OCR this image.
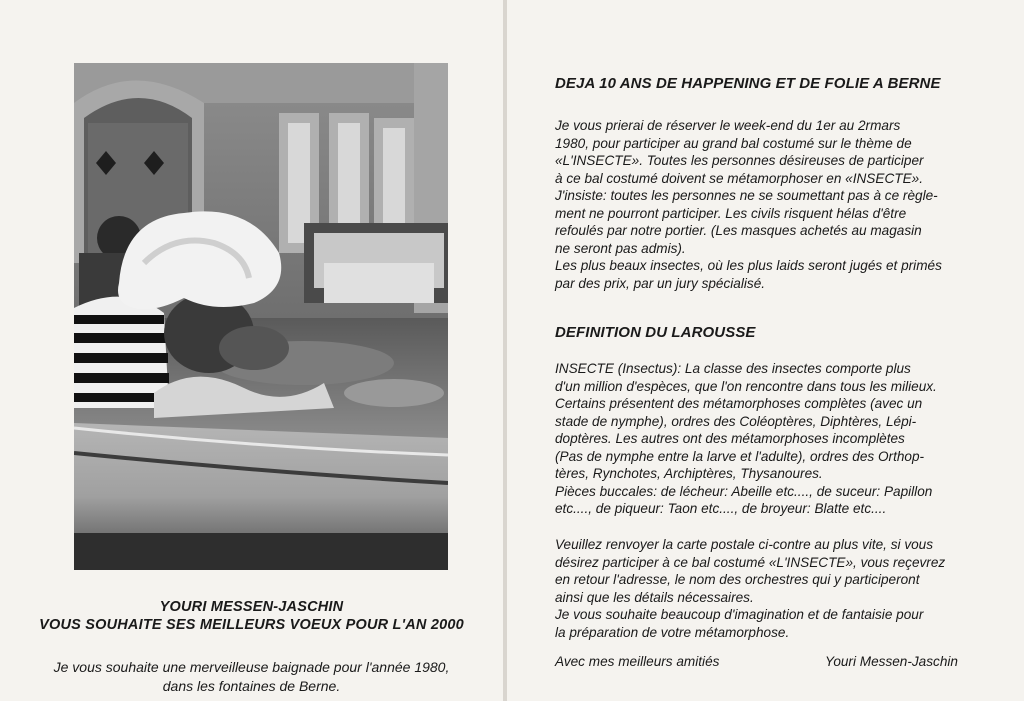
YOURI MESSEN-JASCHIN
VOUS SOUHAITE SES MEILLEURS VOEUX POUR L'AN 2000
Je vous souhaite une merveilleuse baignade pour l'année 1980,
dans les fontaines de Berne.
DEJA 10 ANS DE HAPPENING ET DE FOLIE A BERNE
Je vous prierai de réserver le week-end du 1er au 2rmars
1980, pour participer au grand bal costumé sur le thème de
«L'INSECTE». Toutes les personnes désireuses de participer
à ce bal costumé doivent se métamorphoser en «INSECTE».
J'insiste: toutes les personnes ne se soumettant pas à ce règle-
ment ne pourront participer. Les civils risquent hélas d'être
refoulés par notre portier. (Les masques achetés au magasin
ne seront pas admis).
Les plus beaux insectes, où les plus laids seront jugés et primés
par des prix, par un jury spécialisé.
DEFINITION DU LAROUSSE
INSECTE (Insectus): La classe des insectes comporte plus
d'un million d'espèces, que l'on rencontre dans tous les milieux.
Certains présentent des métamorphoses complètes (avec un
stade de nymphe), ordres des Coléoptères, Diphtères, Lépi-
doptères. Les autres ont des métamorphoses incomplètes
(Pas de nymphe entre la larve et l'adulte), ordres des Orthop-
tères, Rynchotes, Archiptères, Thysanoures.
Pièces buccales: de lécheur: Abeille etc...., de suceur: Papillon
etc...., de piqueur: Taon etc...., de broyeur: Blatte etc....
Veuillez renvoyer la carte postale ci-contre au plus vite, si vous
désirez participer à ce bal costumé «L'INSECTE», vous reçevrez
en retour l'adresse, le nom des orchestres qui y participeront
ainsi que les détails nécessaires.
Je vous souhaite beaucoup d'imagination et de fantaisie pour
la préparation de votre métamorphose.
Avec mes meilleurs amitiés	Youri Messen-Jaschin
